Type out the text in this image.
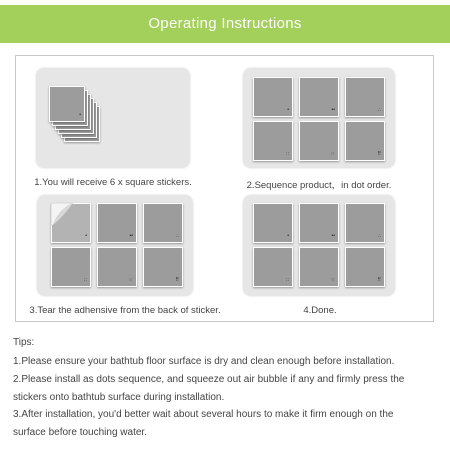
Operating Instructions
•
1.You will receive 6 x square stickers.
•	••	∴
∷	⁙	⠿
2.Sequence product，in dot order.
•	••	∴
∷	⁙	⠿
3.Tear the adhensive from the back of sticker.
•	••	∴
∷	⁙	⠿
4.Done.
Tips:
1.Please ensure your bathtub floor surface is dry and clean enough before installation.
2.Please install as dots sequence, and squeeze out air bubble if any and firmly press the
stickers onto bathtub surface during installation.
3.After installation, you'd better wait about several hours to make it firm enough on the
surface before touching water.
